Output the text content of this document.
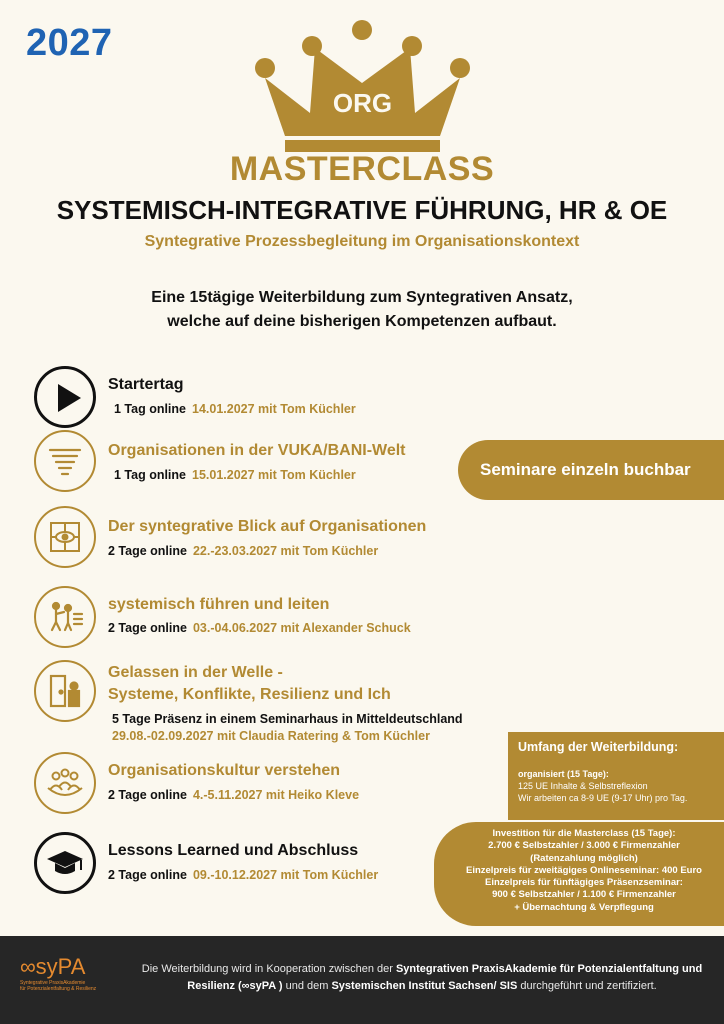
2027
ORG
MASTERCLASS
SYSTEMISCH-INTEGRATIVE FÜHRUNG, HR & OE
Syntegrative Prozessbegleitung im Organisationskontext
Eine 15tägige Weiterbildung zum Syntegrativen Ansatz,
welche auf deine bisherigen Kompetenzen aufbaut.
Startertag
1 Tag online 14.01.2027 mit Tom Küchler
Organisationen in der VUKA/BANI-Welt
1 Tag online 15.01.2027 mit Tom Küchler
Der syntegrative Blick auf Organisationen
2 Tage online 22.-23.03.2027 mit Tom Küchler
systemisch führen und leiten
2 Tage online 03.-04.06.2027 mit Alexander Schuck
Gelassen in der Welle -
Systeme, Konflikte, Resilienz und Ich
5 Tage Präsenz in einem Seminarhaus in Mitteldeutschland
29.08.-02.09.2027 mit Claudia Ratering & Tom Küchler
Organisationskultur verstehen
2 Tage online 4.-5.11.2027 mit Heiko Kleve
Lessons Learned und Abschluss
2 Tage online 09.-10.12.2027 mit Tom Küchler
Seminare einzeln buchbar
Umfang der Weiterbildung:
organisiert (15 Tage):
125 UE Inhalte & Selbstreflexion
Wir arbeiten ca 8-9 UE (9-17 Uhr) pro Tag.
Investition für die Masterclass (15 Tage):
2.700 € Selbstzahler / 3.000 € Firmenzahler
(Ratenzahlung möglich)
Einzelpreis für zweitägiges Onlineseminar: 400 Euro
Einzelpreis für fünftägiges Präsenzseminar:
900 € Selbstzahler / 1.100 € Firmenzahler
+ Übernachtung & Verpflegung
∞syPA
Syntegrative PraxisAkademie
für Potenzialentfaltung & Resilienz
Die Weiterbildung wird in Kooperation zwischen der Syntegrativen PraxisAkademie für Potenzialentfaltung und Resilienz (∞syPA ) und dem Systemischen Institut Sachsen/ SIS durchgeführt und zertifiziert.
